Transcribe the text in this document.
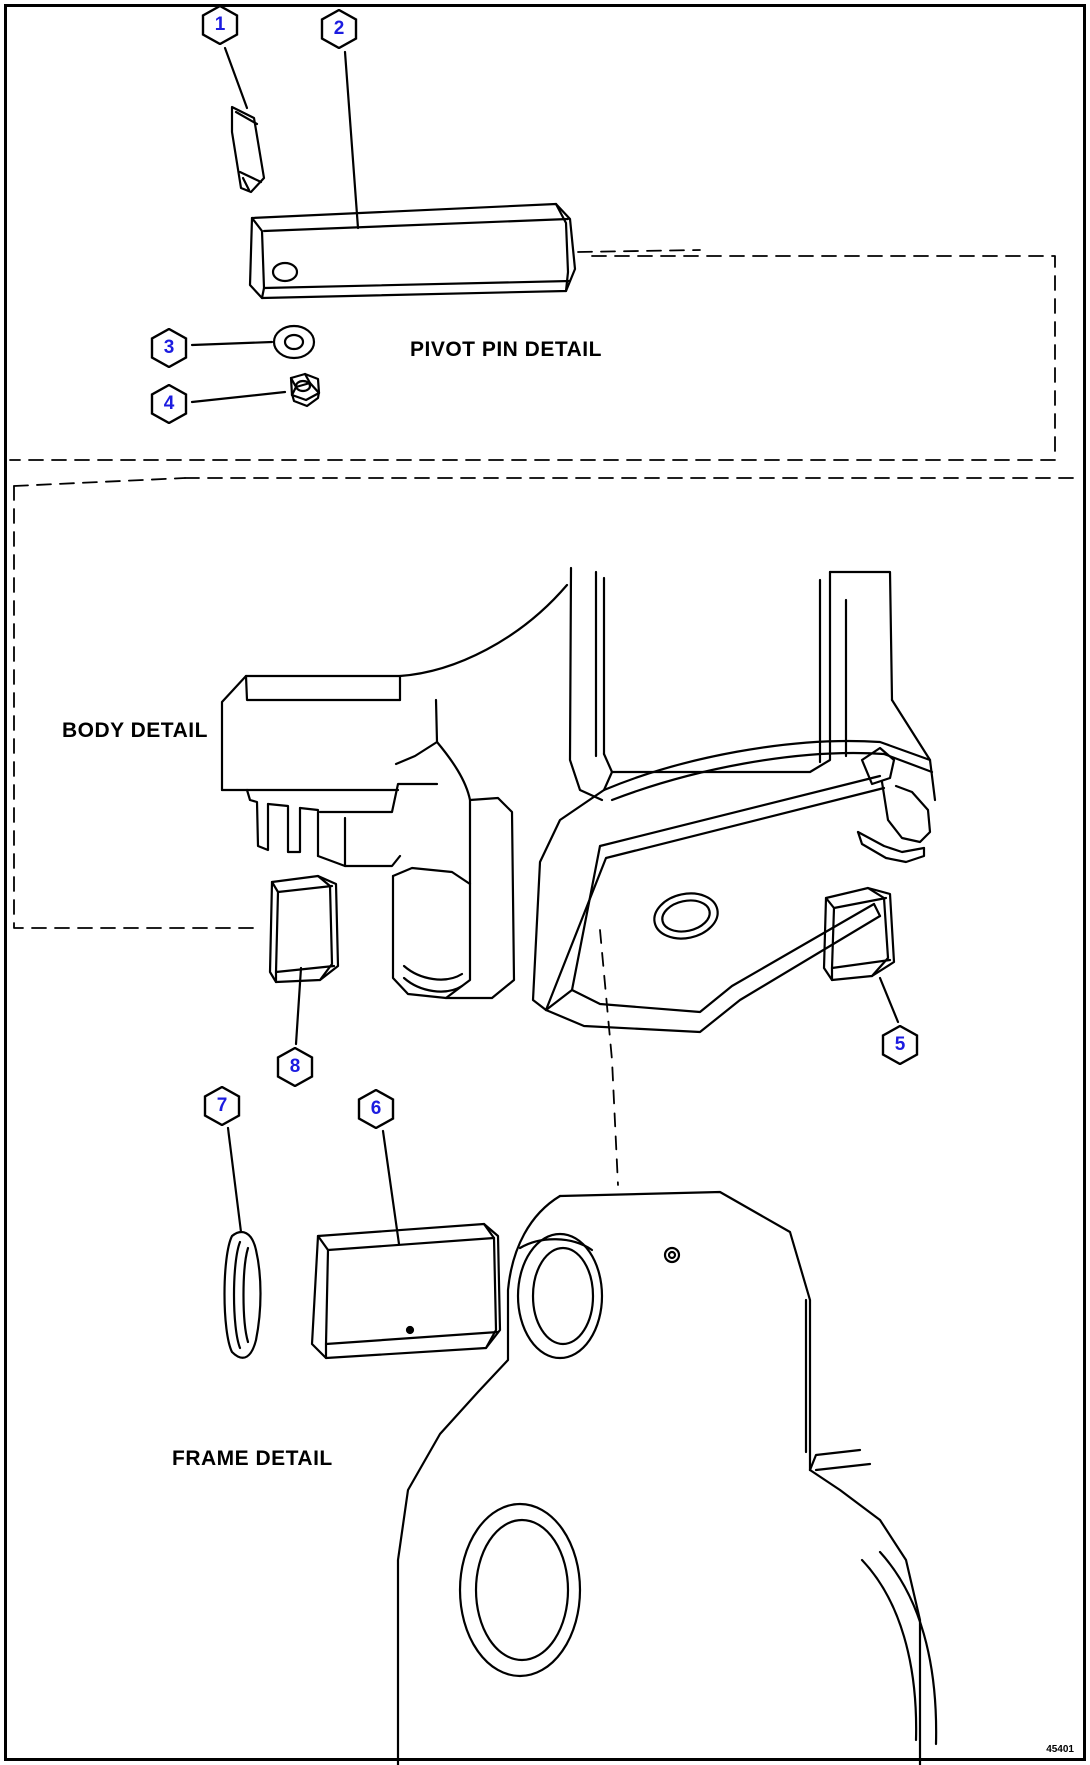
PIVOT PIN DETAIL
BODY DETAIL
FRAME DETAIL
1	2
3
4
5
6
7
8
45401
